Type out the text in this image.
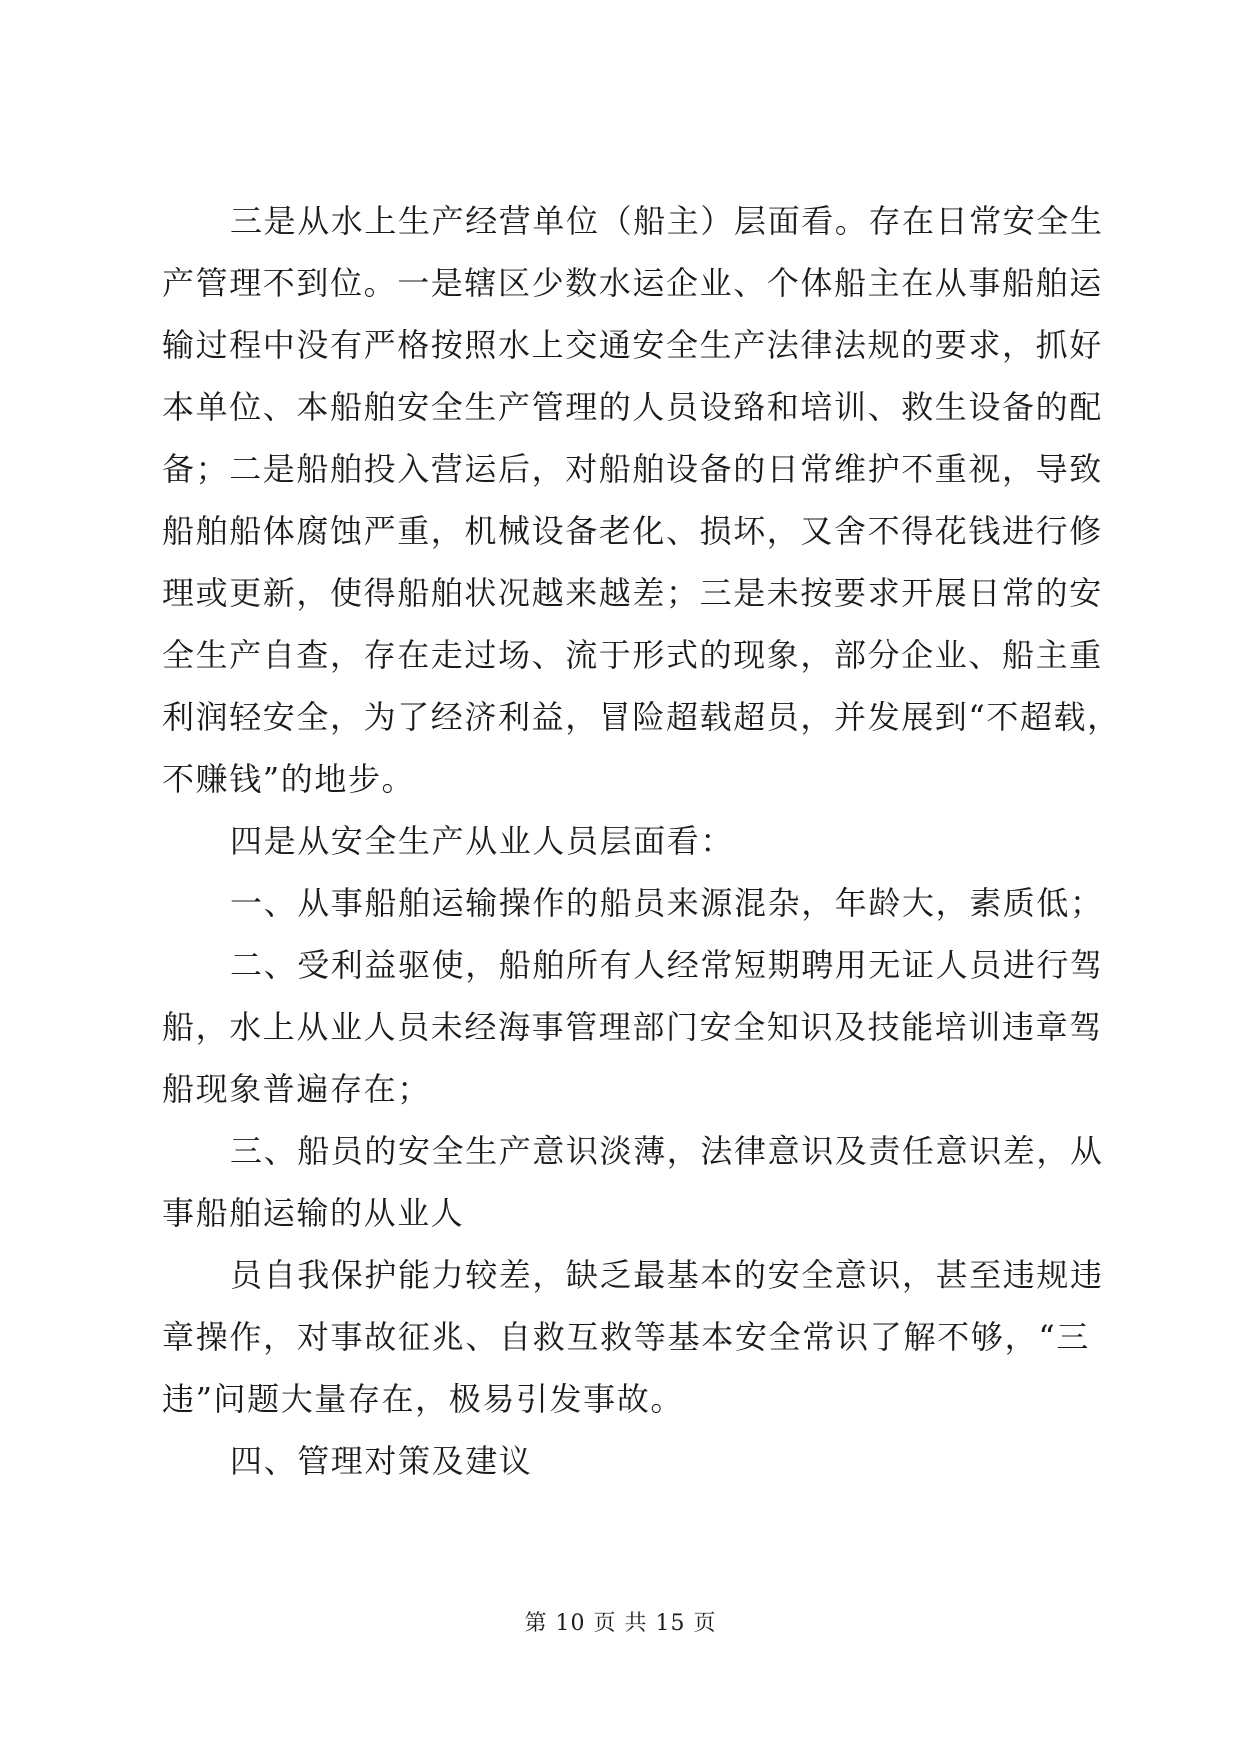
三是从水上生产经营单位（船主）层面看。存在日常安全生
产管理不到位。一是辖区少数水运企业、个体船主在从事船舶运
输过程中没有严格按照水上交通安全生产法律法规的要求，抓好
本单位、本船舶安全生产管理的人员设臵和培训、救生设备的配
备；二是船舶投入营运后，对船舶设备的日常维护不重视，导致
船舶船体腐蚀严重，机械设备老化、损坏，又舍不得花钱进行修
理或更新，使得船舶状况越来越差；三是未按要求开展日常的安
全生产自查，存在走过场、流于形式的现象，部分企业、船主重
利润轻安全，为了经济利益，冒险超载超员，并发展到“不超载，
不赚钱”的地步。
四是从安全生产从业人员层面看：
一、从事船舶运输操作的船员来源混杂，年龄大，素质低；
二、受利益驱使，船舶所有人经常短期聘用无证人员进行驾
船，水上从业人员未经海事管理部门安全知识及技能培训违章驾
船现象普遍存在；
三、船员的安全生产意识淡薄，法律意识及责任意识差，从
事船舶运输的从业人
员自我保护能力较差，缺乏最基本的安全意识，甚至违规违
章操作，对事故征兆、自救互救等基本安全常识了解不够，“三
违”问题大量存在，极易引发事故。
四、管理对策及建议
第 10 页 共 15 页
